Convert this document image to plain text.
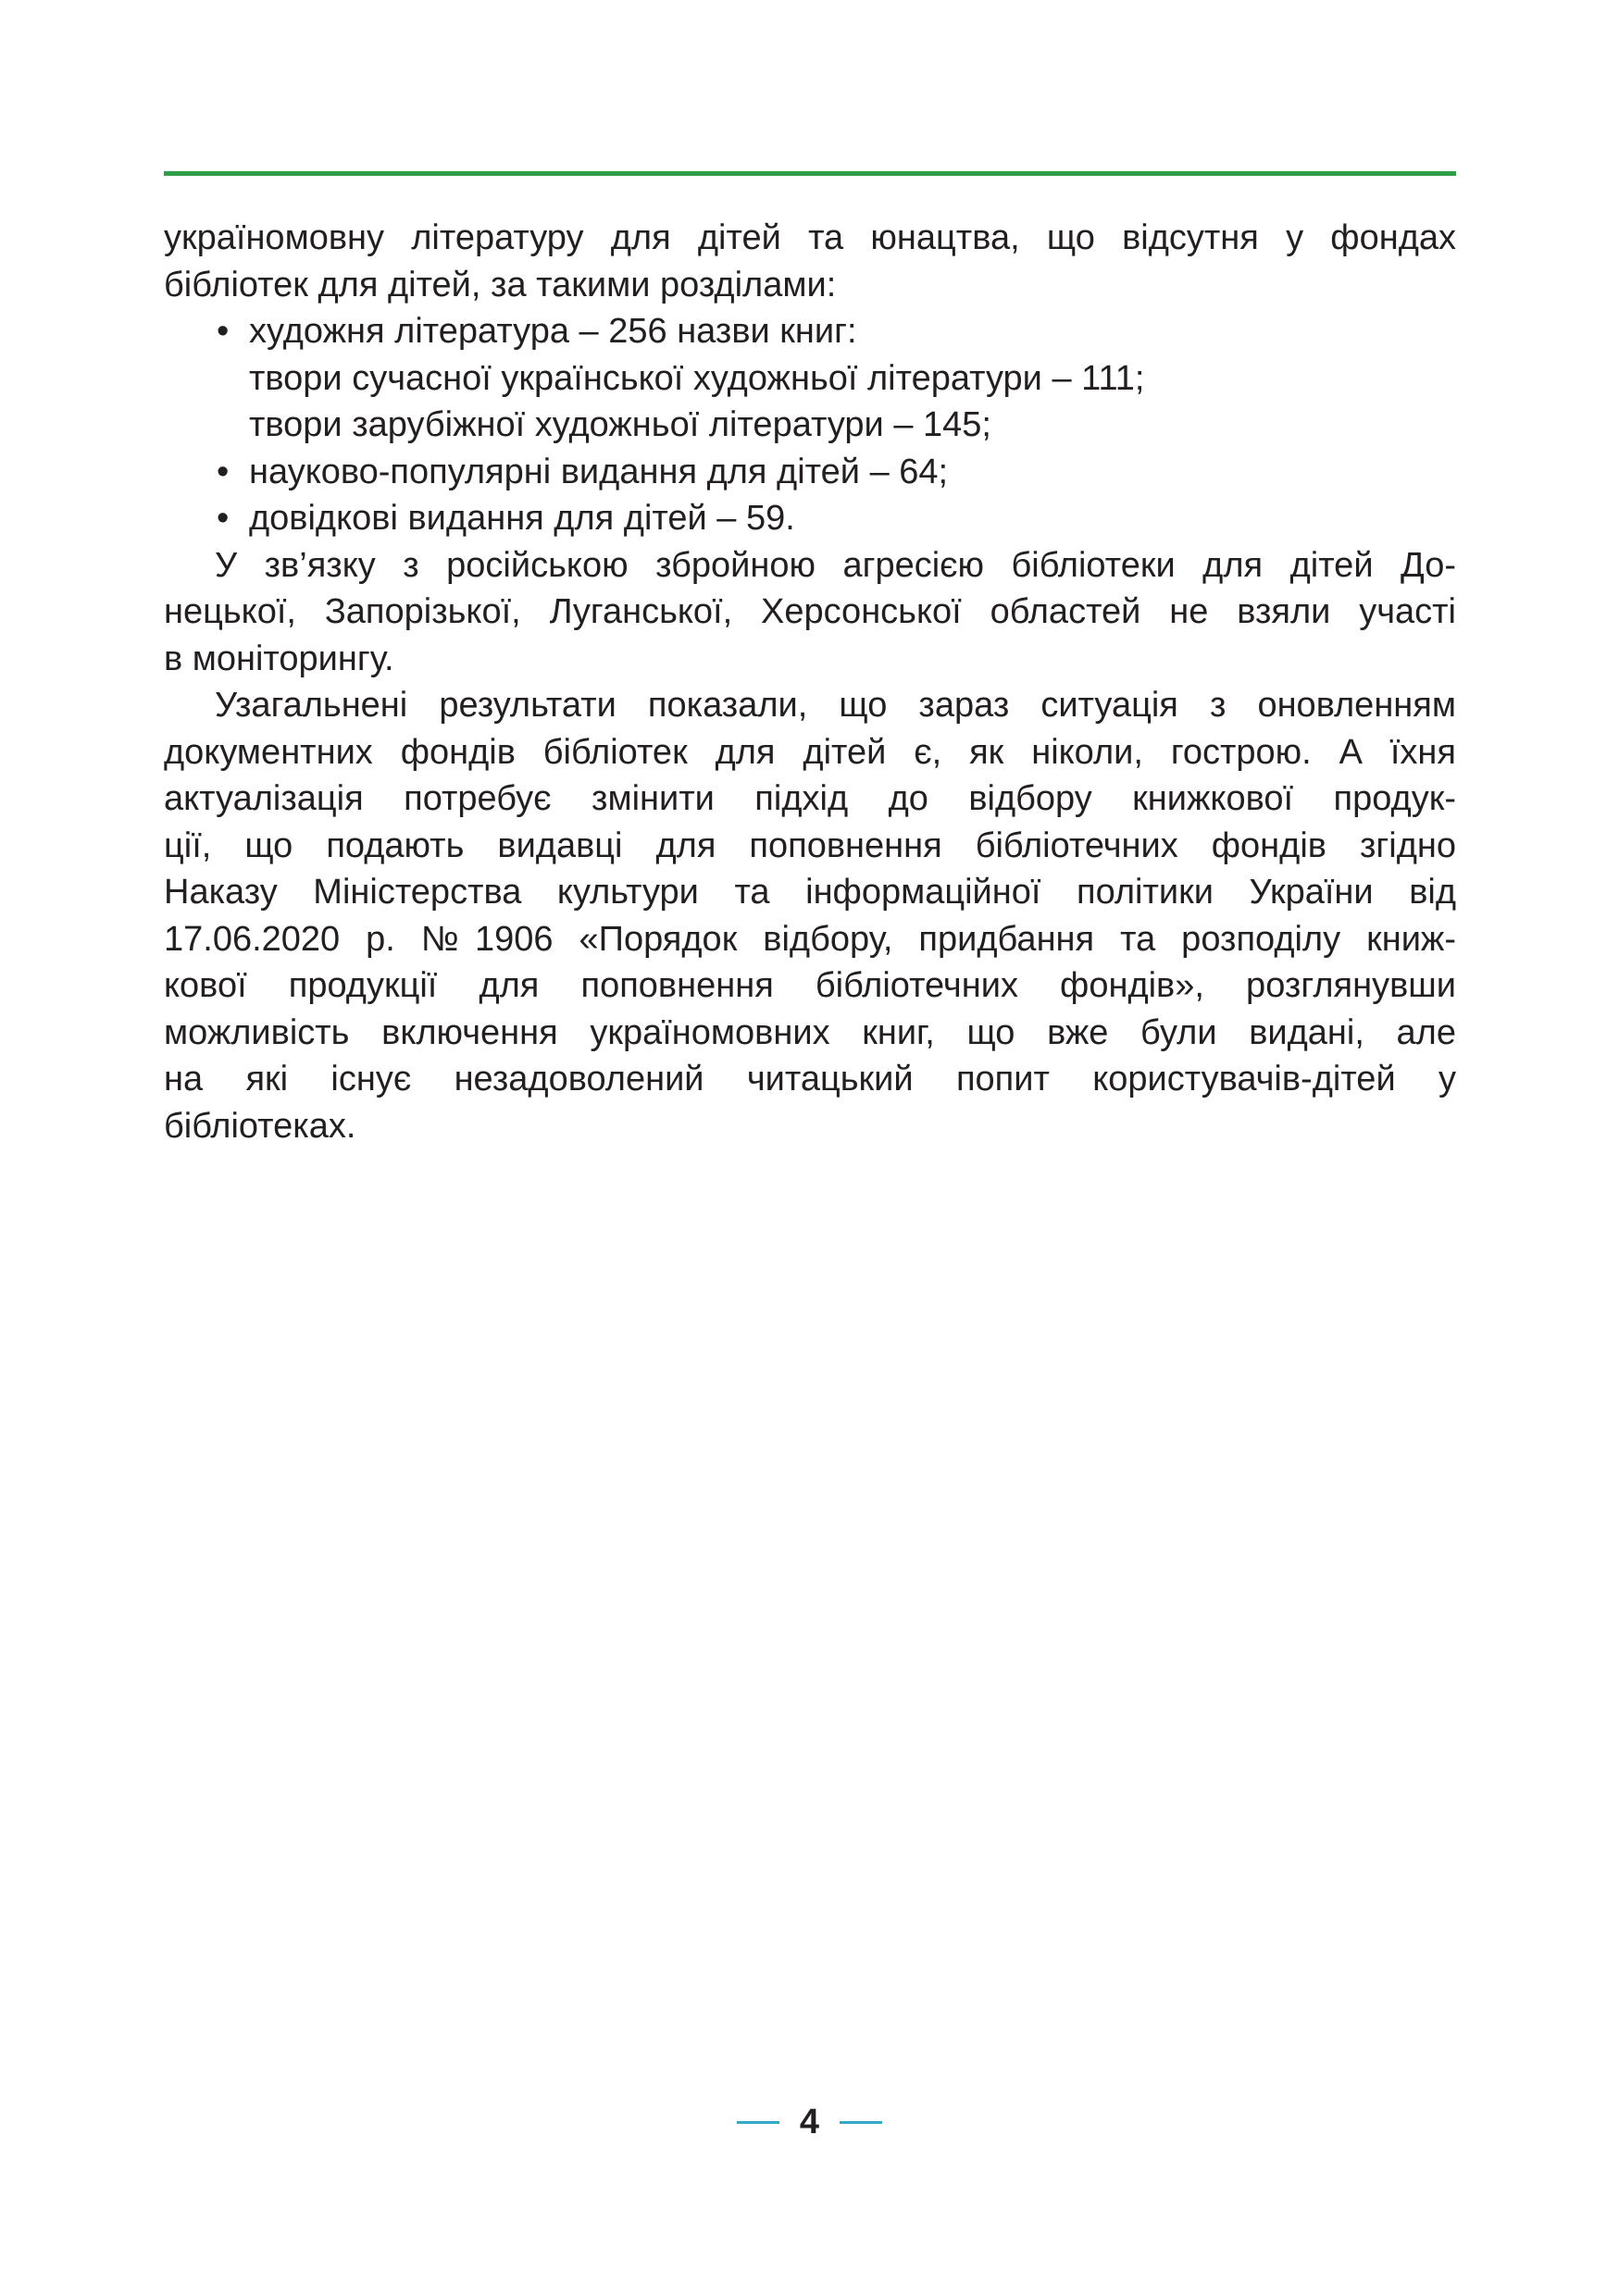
україномовну літературу для дітей та юнацтва, що відсутня у фондах
бібліотек для дітей, за такими розділами:
• художня література – 256 назви книг:
твори сучасної української художньої літератури – 111;
твори зарубіжної художньої літератури – 145;
• науково-популярні видання для дітей – 64;
• довідкові видання для дітей – 59.
У зв’язку з російською збройною агресією бібліотеки для дітей До-
нецької, Запорізької, Луганської, Херсонської областей не взяли участі
в моніторингу.
Узагальнені результати показали, що зараз ситуація з оновленням
документних фондів бібліотек для дітей є, як ніколи, гострою. А їхня
актуалізація потребує змінити підхід до відбору книжкової продук-
ції, що подають видавці для поповнення бібліотечних фондів згідно
Наказу Міністерства культури та інформаційної політики України від
17.06.2020 р. №1906 «Порядок відбору, придбання та розподілу книж-
кової продукції для поповнення бібліотечних фондів», розглянувши
можливість включення україномовних книг, що вже були видані, але
на які існує незадоволений читацький попит користувачів-дітей у
бібліотеках.
4
